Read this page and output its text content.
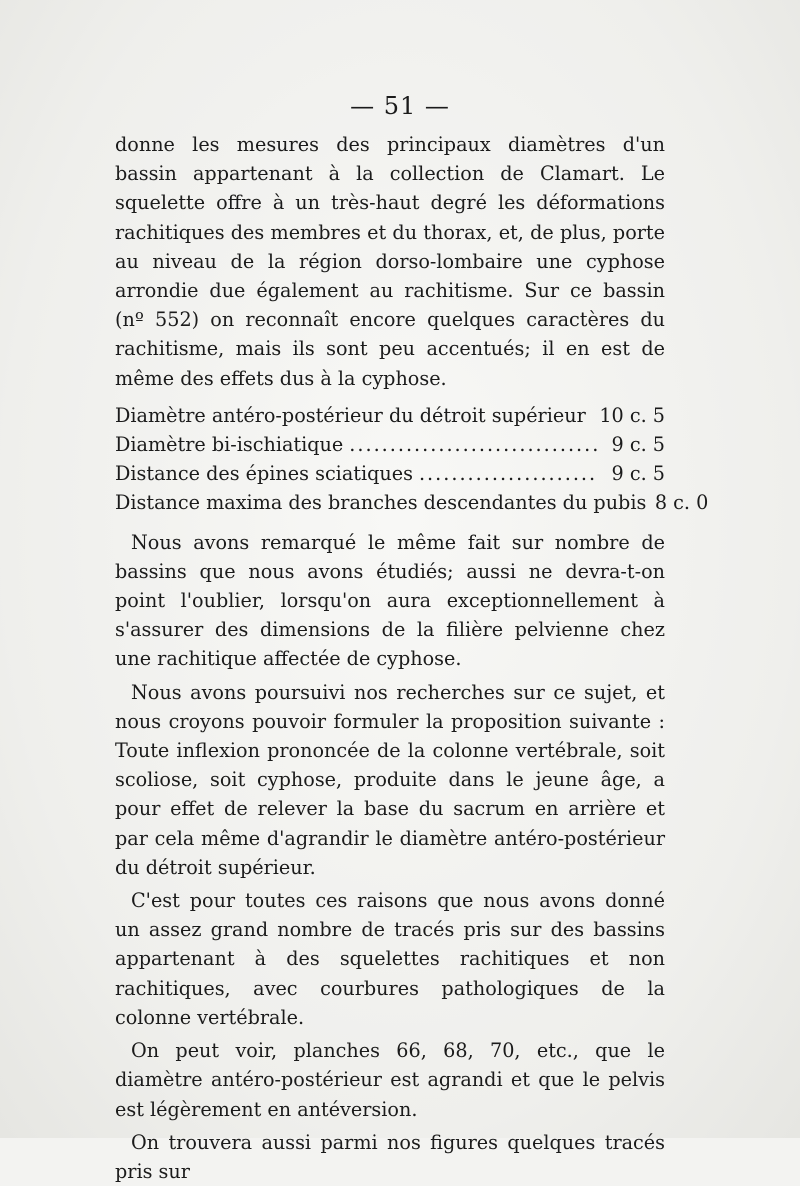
— 51 —

donne les mesures des principaux diamètres d'un bassin appartenant à la collection de Clamart. Le squelette offre à un très-haut degré les déformations rachitiques des membres et du thorax, et, de plus, porte au niveau de la région dorso-lombaire une cyphose arrondie due également au rachitisme. Sur ce bassin (nº 552) on reconnaît encore quelques caractères du rachitisme, mais ils sont peu accentués; il en est de même des effets dus à la cyphose.

Diamètre antéro-postérieur du détroit supérieur ..... 10 c. 5
Diamètre bi-ischiatique .....	9 c. 5
Distance des épines sciatiques .....	9 c. 5
Distance maxima des branches descendantes du pubis 8 c. 0

Nous avons remarqué le même fait sur nombre de bassins que nous avons étudiés; aussi ne devra-t-on point l'oublier, lorsqu'on aura exceptionnellement à s'assurer des dimensions de la filière pelvienne chez une rachitique affectée de cyphose.

Nous avons poursuivi nos recherches sur ce sujet, et nous croyons pouvoir formuler la proposition suivante : Toute inflexion prononcée de la colonne vertébrale, soit scoliose, soit cyphose, produite dans le jeune âge, a pour effet de relever la base du sacrum en arrière et par cela même d'agrandir le diamètre antéro-postérieur du détroit supérieur.

C'est pour toutes ces raisons que nous avons donné un assez grand nombre de tracés pris sur des bassins appartenant à des squelettes rachitiques et non rachitiques, avec courbures pathologiques de la colonne vertébrale.

On peut voir, planches 66, 68, 70, etc., que le diamètre antéro-postérieur est agrandi et que le pelvis est légèrement en antéversion.

On trouvera aussi parmi nos figures quelques tracés pris sur
